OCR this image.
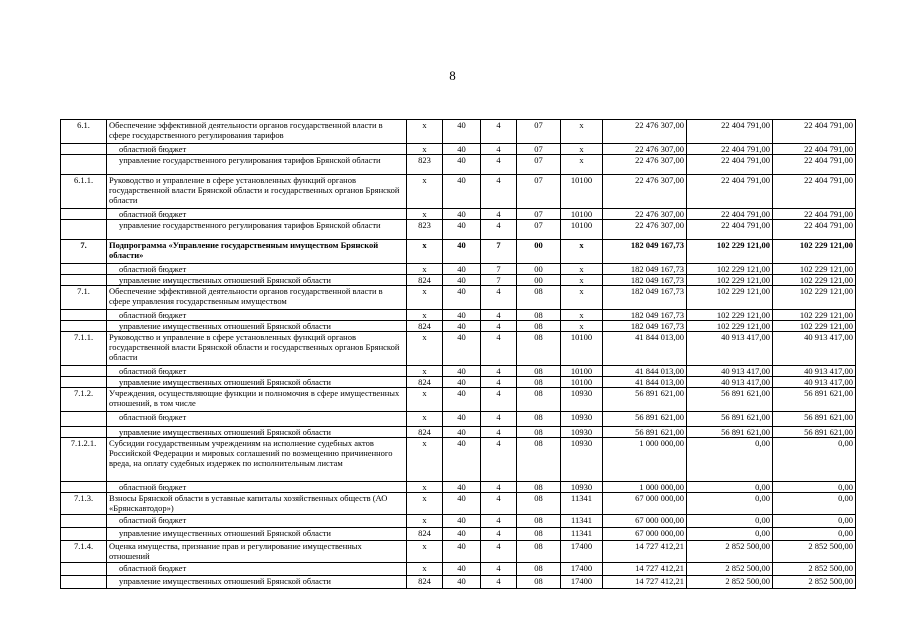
8
6.1.	Обеспечение эффективной деятельности органов государственной власти в сфере государственного регулирования тарифов	х	40	4	07	х	22 476 307,00	22 404 791,00	22 404 791,00
	областной бюджет	х	40	4	07	х	22 476 307,00	22 404 791,00	22 404 791,00
	управление государственного регулирования тарифов Брянской области	823	40	4	07	х	22 476 307,00	22 404 791,00	22 404 791,00
6.1.1.	Руководство и управление в сфере установленных функций органов государственной власти Брянской области и государственных органов Брянской области	х	40	4	07	10100	22 476 307,00	22 404 791,00	22 404 791,00
	областной бюджет	х	40	4	07	10100	22 476 307,00	22 404 791,00	22 404 791,00
	управление государственного регулирования тарифов Брянской области	823	40	4	07	10100	22 476 307,00	22 404 791,00	22 404 791,00
7.	Подпрограмма «Управление государственным имуществом Брянской области»	х	40	7	00	х	182 049 167,73	102 229 121,00	102 229 121,00
	областной бюджет	х	40	7	00	х	182 049 167,73	102 229 121,00	102 229 121,00
	управление имущественных отношений Брянской области	824	40	7	00	х	182 049 167,73	102 229 121,00	102 229 121,00
7.1.	Обеспечение эффективной деятельности органов государственной власти в сфере управления государственным имуществом	х	40	4	08	х	182 049 167,73	102 229 121,00	102 229 121,00
	областной бюджет	х	40	4	08	х	182 049 167,73	102 229 121,00	102 229 121,00
	управление имущественных отношений Брянской области	824	40	4	08	х	182 049 167,73	102 229 121,00	102 229 121,00
7.1.1.	Руководство и управление в сфере установленных функций органов государственной власти Брянской области и государственных органов Брянской области	х	40	4	08	10100	41 844 013,00	40 913 417,00	40 913 417,00
	областной бюджет	х	40	4	08	10100	41 844 013,00	40 913 417,00	40 913 417,00
	управление имущественных отношений Брянской области	824	40	4	08	10100	41 844 013,00	40 913 417,00	40 913 417,00
7.1.2.	Учреждения, осуществляющие функции и полномочия в сфере имущественных отношений, в том числе	х	40	4	08	10930	56 891 621,00	56 891 621,00	56 891 621,00
	областной бюджет	х	40	4	08	10930	56 891 621,00	56 891 621,00	56 891 621,00
	управление имущественных отношений Брянской области	824	40	4	08	10930	56 891 621,00	56 891 621,00	56 891 621,00
7.1.2.1.	Субсидии государственным учреждениям на исполнение судебных актов Российской Федерации и мировых соглашений по возмещению причиненного вреда, на оплату судебных издержек по исполнительным листам	х	40	4	08	10930	1 000 000,00	0,00	0,00
	областной бюджет	х	40	4	08	10930	1 000 000,00	0,00	0,00
7.1.3.	Взносы Брянской области в уставные капиталы хозяйственных обществ (АО «Брянскавтодор»)	х	40	4	08	11341	67 000 000,00	0,00	0,00
	областной бюджет	х	40	4	08	11341	67 000 000,00	0,00	0,00
	управление имущественных отношений Брянской области	824	40	4	08	11341	67 000 000,00	0,00	0,00
7.1.4.	Оценка имущества, признание прав и регулирование имущественных отношений	х	40	4	08	17400	14 727 412,21	2 852 500,00	2 852 500,00
	областной бюджет	х	40	4	08	17400	14 727 412,21	2 852 500,00	2 852 500,00
	управление имущественных отношений Брянской области	824	40	4	08	17400	14 727 412,21	2 852 500,00	2 852 500,00
